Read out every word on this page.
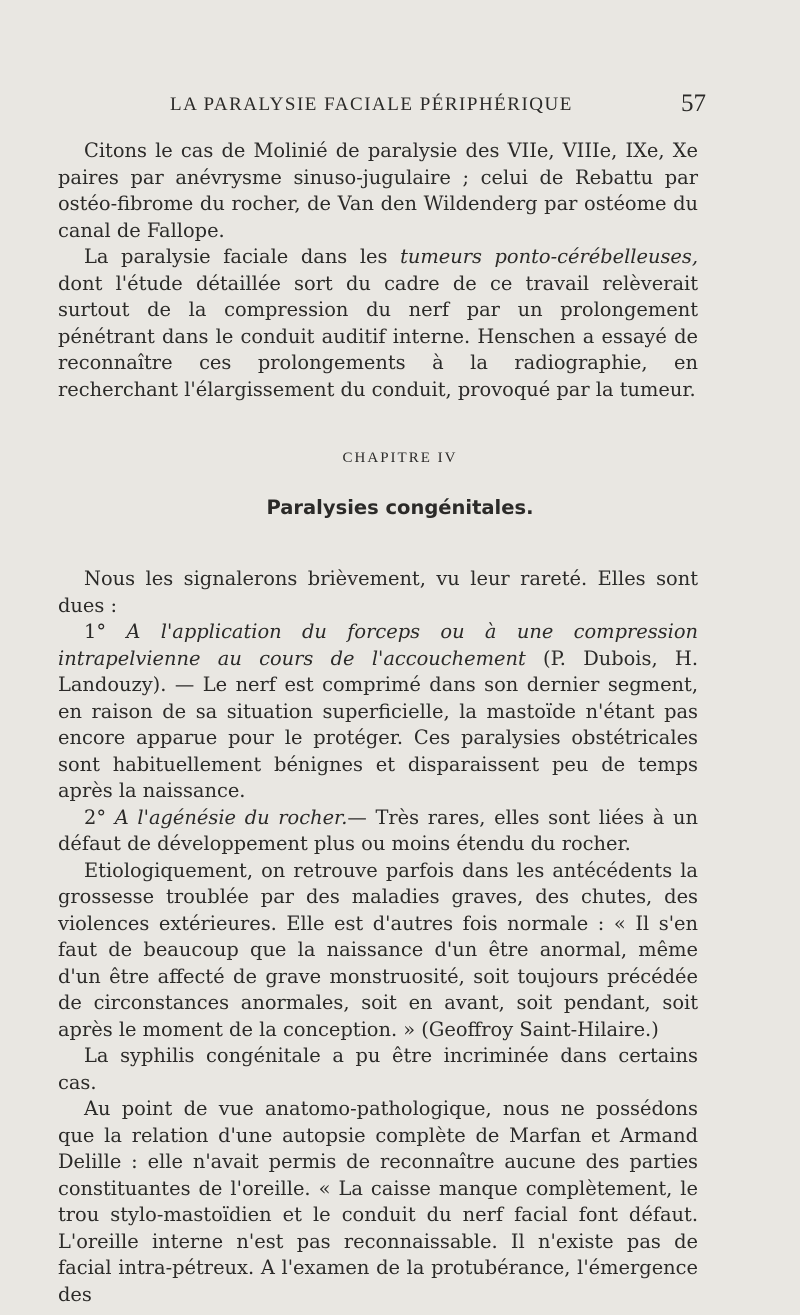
LA PARALYSIE FACIALE PÉRIPHÉRIQUE	57

Citons le cas de Molinié de paralysie des VIIe, VIIIe, IXe, Xe paires par anévrysme sinuso-jugulaire ; celui de Rebattu par ostéo-fibrome du rocher, de Van den Wildenderg par ostéome du canal de Fallope.

La paralysie faciale dans les tumeurs ponto-cérébelleuses, dont l'étude détaillée sort du cadre de ce travail relèverait surtout de la compression du nerf par un prolongement pénétrant dans le conduit auditif interne. Henschen a essayé de reconnaître ces prolongements à la radiographie, en recherchant l'élargissement du conduit, provoqué par la tumeur.

CHAPITRE IV
Paralysies congénitales.

Nous les signalerons brièvement, vu leur rareté. Elles sont dues :

1° A l'application du forceps ou à une compression intrapelvienne au cours de l'accouchement (P. Dubois, H. Landouzy). — Le nerf est comprimé dans son dernier segment, en raison de sa situation superficielle, la mastoïde n'étant pas encore apparue pour le protéger. Ces paralysies obstétricales sont habituellement bénignes et disparaissent peu de temps après la naissance.

2° A l'agénésie du rocher.— Très rares, elles sont liées à un défaut de développement plus ou moins étendu du rocher.

Etiologiquement, on retrouve parfois dans les antécédents la grossesse troublée par des maladies graves, des chutes, des violences extérieures. Elle est d'autres fois normale : « Il s'en faut de beaucoup que la naissance d'un être anormal, même d'un être affecté de grave monstruosité, soit toujours précédée de circonstances anormales, soit en avant, soit pendant, soit après le moment de la conception. » (Geoffroy Saint-Hilaire.)

La syphilis congénitale a pu être incriminée dans certains cas.

Au point de vue anatomo-pathologique, nous ne possédons que la relation d'une autopsie complète de Marfan et Armand Delille : elle n'avait permis de reconnaître aucune des parties constituantes de l'oreille. « La caisse manque complètement, le trou stylo-mastoïdien et le conduit du nerf facial font défaut. L'oreille interne n'est pas reconnaissable. Il n'existe pas de facial intra-pétreux. A l'examen de la protubérance, l'émergence des
